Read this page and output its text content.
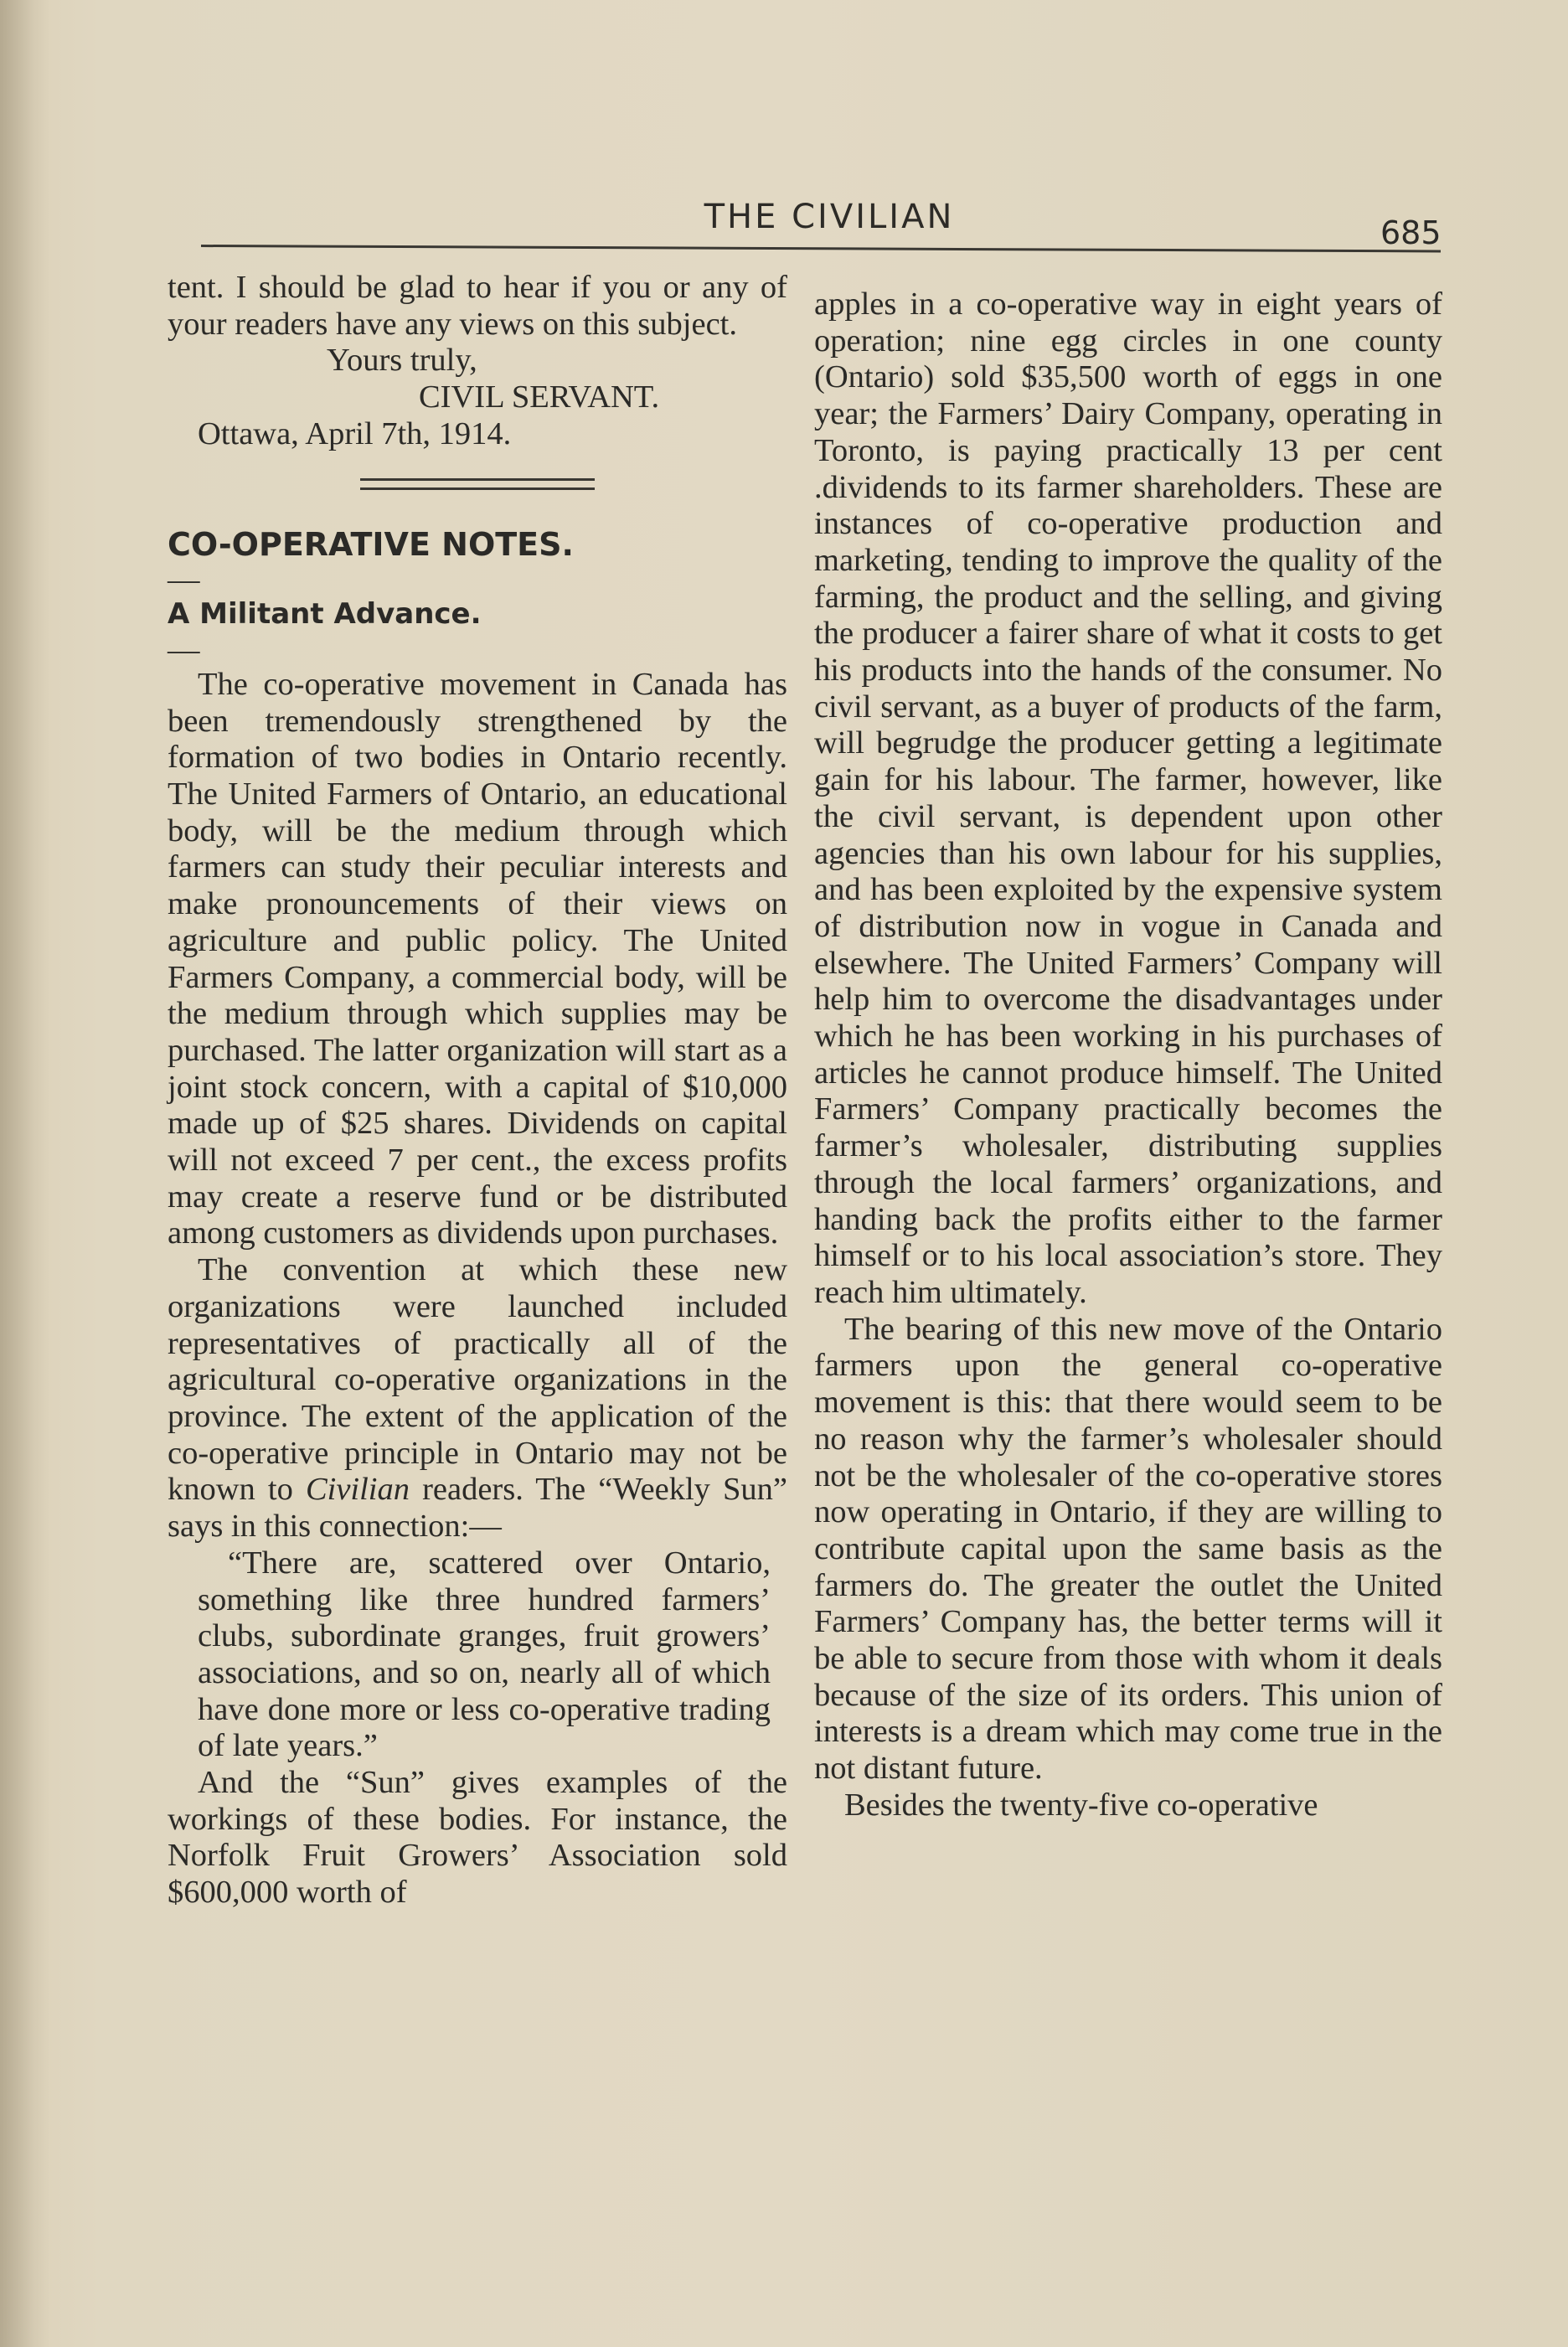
THE CIVILIAN	685

tent. I should be glad to hear if you or any of your readers have any views on this subject.

Yours truly,

CIVIL SERVANT.

Ottawa, April 7th, 1914.

CO-OPERATIVE NOTES.

—

A Militant Advance.

—

The co-operative movement in Canada has been tremendously strengthened by the formation of two bodies in Ontario recently. The United Farmers of Ontario, an educational body, will be the medium through which farmers can study their peculiar interests and make pronouncements of their views on agriculture and public policy. The United Farmers Company, a commercial body, will be the medium through which supplies may be purchased. The latter organization will start as a joint stock concern, with a capital of $10,000 made up of $25 shares. Dividends on capital will not exceed 7 per cent., the excess profits may create a reserve fund or be distributed among customers as dividends upon purchases.

The convention at which these new organizations were launched included representatives of practically all of the agricultural co-operative organizations in the province. The extent of the application of the co-operative principle in Ontario may not be known to Civilian readers. The “Weekly Sun” says in this connection:—

“There are, scattered over Ontario, something like three hundred farmers’ clubs, subordinate granges, fruit growers’ associations, and so on, nearly all of which have done more or less co-operative trading of late years.”

And the “Sun” gives examples of the workings of these bodies. For instance, the Norfolk Fruit Growers’ Association sold $600,000 worth of

apples in a co-operative way in eight years of operation; nine egg circles in one county (Ontario) sold $35,500 worth of eggs in one year; the Farmers’ Dairy Company, operating in Toronto, is paying practically 13 per cent .dividends to its farmer shareholders. These are instances of co-operative production and marketing, tending to improve the quality of the farming, the product and the selling, and giving the producer a fairer share of what it costs to get his products into the hands of the consumer. No civil servant, as a buyer of products of the farm, will begrudge the producer getting a legitimate gain for his labour. The farmer, however, like the civil servant, is dependent upon other agencies than his own labour for his supplies, and has been exploited by the expensive system of distribution now in vogue in Canada and elsewhere. The United Farmers’ Company will help him to overcome the disadvantages under which he has been working in his purchases of articles he cannot produce himself. The United Farmers’ Company practically becomes the farmer’s wholesaler, distributing supplies through the local farmers’ organizations, and handing back the profits either to the farmer himself or to his local association’s store. They reach him ultimately.

The bearing of this new move of the Ontario farmers upon the general co-operative movement is this: that there would seem to be no reason why the farmer’s wholesaler should not be the wholesaler of the co-operative stores now operating in Ontario, if they are willing to contribute capital upon the same basis as the farmers do. The greater the outlet the United Farmers’ Company has, the better terms will it be able to secure from those with whom it deals because of the size of its orders. This union of interests is a dream which may come true in the not distant future.

Besides the twenty-five co-operative
